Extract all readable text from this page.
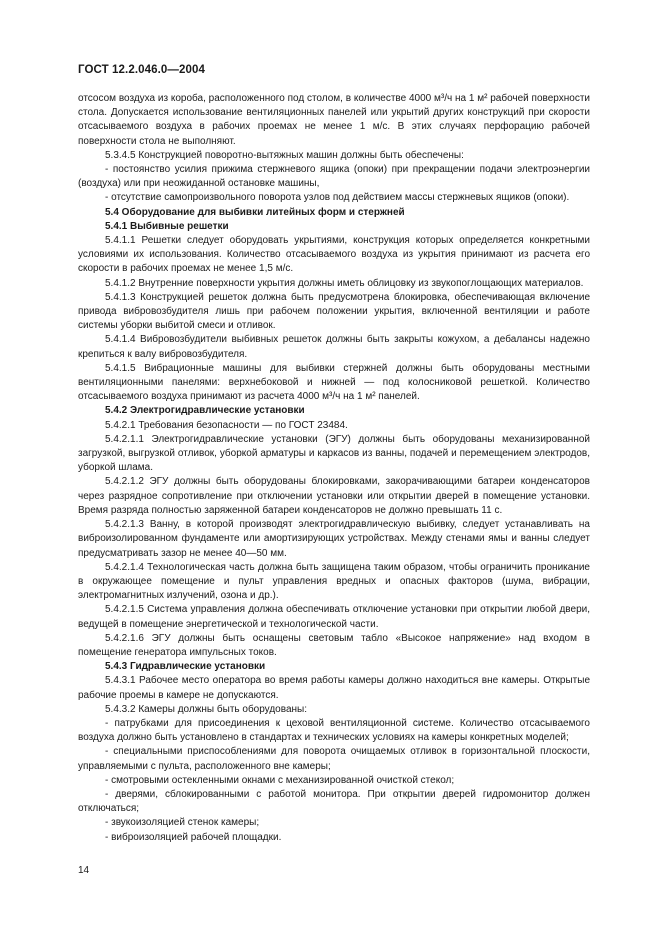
ГОСТ 12.2.046.0—2004

отсосом воздуха из короба, расположенного под столом, в количестве 4000 м³/ч на 1 м² рабочей поверхности стола. Допускается использование вентиляционных панелей или укрытий других конструкций при скорости отсасываемого воздуха в рабочих проемах не менее 1 м/с. В этих случаях перфорацию рабочей поверхности стола не выполняют.

5.3.4.5 Конструкцией поворотно-вытяжных машин должны быть обеспечены:

- постоянство усилия прижима стержневого ящика (опоки) при прекращении подачи электроэнергии (воздуха) или при неожиданной остановке машины,

- отсутствие самопроизвольного поворота узлов под действием массы стержневых ящиков (опоки).

5.4 Оборудование для выбивки литейных форм и стержней

5.4.1 Выбивные решетки

5.4.1.1 Решетки следует оборудовать укрытиями, конструкция которых определяется конкретными условиями их использования. Количество отсасываемого воздуха из укрытия принимают из расчета его скорости в рабочих проемах не менее 1,5 м/с.

5.4.1.2 Внутренние поверхности укрытия должны иметь облицовку из звукопоглощающих материалов.

5.4.1.3 Конструкцией решеток должна быть предусмотрена блокировка, обеспечивающая включение привода вибровозбудителя лишь при рабочем положении укрытия, включенной вентиляции и работе системы уборки выбитой смеси и отливок.

5.4.1.4 Вибровозбудители выбивных решеток должны быть закрыты кожухом, а дебалансы надежно крепиться к валу вибровозбудителя.

5.4.1.5 Вибрационные машины для выбивки стержней должны быть оборудованы местными вентиляционными панелями: верхнебоковой и нижней — под колосниковой решеткой. Количество отсасываемого воздуха принимают из расчета 4000 м³/ч на 1 м² панелей.

5.4.2 Электрогидравлические установки

5.4.2.1 Требования безопасности — по ГОСТ 23484.

5.4.2.1.1 Электрогидравлические установки (ЭГУ) должны быть оборудованы механизированной загрузкой, выгрузкой отливок, уборкой арматуры и каркасов из ванны, подачей и перемещением электродов, уборкой шлама.

5.4.2.1.2 ЭГУ должны быть оборудованы блокировками, закорачивающими батареи конденсаторов через разрядное сопротивление при отключении установки или открытии дверей в помещение установки. Время разряда полностью заряженной батареи конденсаторов не должно превышать 11 с.

5.4.2.1.3 Ванну, в которой производят электрогидравлическую выбивку, следует устанавливать на виброизолированном фундаменте или амортизирующих устройствах. Между стенами ямы и ванны следует предусматривать зазор не менее 40—50 мм.

5.4.2.1.4 Технологическая часть должна быть защищена таким образом, чтобы ограничить проникание в окружающее помещение и пульт управления вредных и опасных факторов (шума, вибрации, электромагнитных излучений, озона и др.).

5.4.2.1.5 Система управления должна обеспечивать отключение установки при открытии любой двери, ведущей в помещение энергетической и технологической части.

5.4.2.1.6 ЭГУ должны быть оснащены световым табло «Высокое напряжение» над входом в помещение генератора импульсных токов.

5.4.3 Гидравлические установки

5.4.3.1 Рабочее место оператора во время работы камеры должно находиться вне камеры. Открытые рабочие проемы в камере не допускаются.

5.4.3.2 Камеры должны быть оборудованы:

- патрубками для присоединения к цеховой вентиляционной системе. Количество отсасываемого воздуха должно быть установлено в стандартах и технических условиях на камеры конкретных моделей;

- специальными приспособлениями для поворота очищаемых отливок в горизонтальной плоскости, управляемыми с пульта, расположенного вне камеры;

- смотровыми остекленными окнами с механизированной очисткой стекол;

- дверями, сблокированными с работой монитора. При открытии дверей гидромонитор должен отключаться;

- звукоизоляцией стенок камеры;

- виброизоляцией рабочей площадки.

14
